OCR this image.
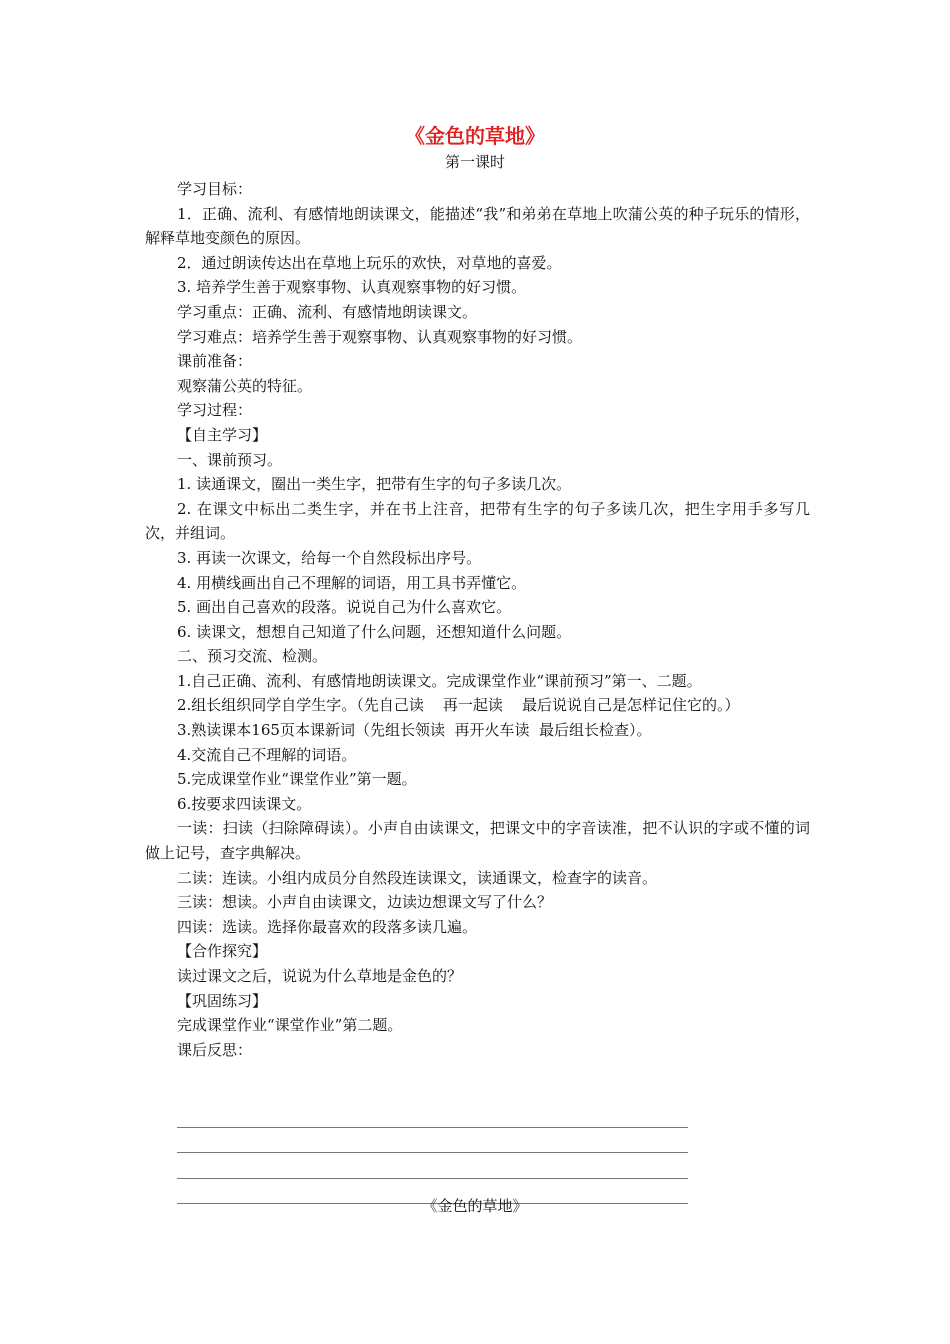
《金色的草地》
第一课时

学习目标：

1．正确、流利、有感情地朗读课文，能描述“我”和弟弟在草地上吹蒲公英的种子玩乐的情形，解释草地变颜色的原因。

2．通过朗读传达出在草地上玩乐的欢快，对草地的喜爱。

3. 培养学生善于观察事物、认真观察事物的好习惯。

学习重点：正确、流利、有感情地朗读课文。

学习难点：培养学生善于观察事物、认真观察事物的好习惯。

课前准备：

观察蒲公英的特征。

学习过程：

【自主学习】

一、课前预习。

1. 读通课文，圈出一类生字，把带有生字的句子多读几次。

2. 在课文中标出二类生字，并在书上注音，把带有生字的句子多读几次，把生字用手多写几次，并组词。

3. 再读一次课文，给每一个自然段标出序号。

4. 用横线画出自己不理解的词语，用工具书弄懂它。

5. 画出自己喜欢的段落。说说自己为什么喜欢它。

6. 读课文，想想自己知道了什么问题，还想知道什么问题。

二、预习交流、检测。

1.自己正确、流利、有感情地朗读课文。完成课堂作业“课前预习”第一、二题。

2.组长组织同学自学生字。（先自己读    再一起读    最后说说自己是怎样记住它的。）

3.熟读课本165页本课新词（先组长领读  再开火车读  最后组长检查）。

4.交流自己不理解的词语。

5.完成课堂作业“课堂作业”第一题。

6.按要求四读课文。

一读：扫读（扫除障碍读）。小声自由读课文，把课文中的字音读准，把不认识的字或不懂的词做上记号，查字典解决。

二读：连读。小组内成员分自然段连读课文，读通课文，检查字的读音。

三读：想读。小声自由读课文，边读边想课文写了什么？

四读：选读。选择你最喜欢的段落多读几遍。

【合作探究】

读过课文之后，说说为什么草地是金色的？

【巩固练习】

完成课堂作业“课堂作业”第二题。

课后反思：

《金色的草地》
